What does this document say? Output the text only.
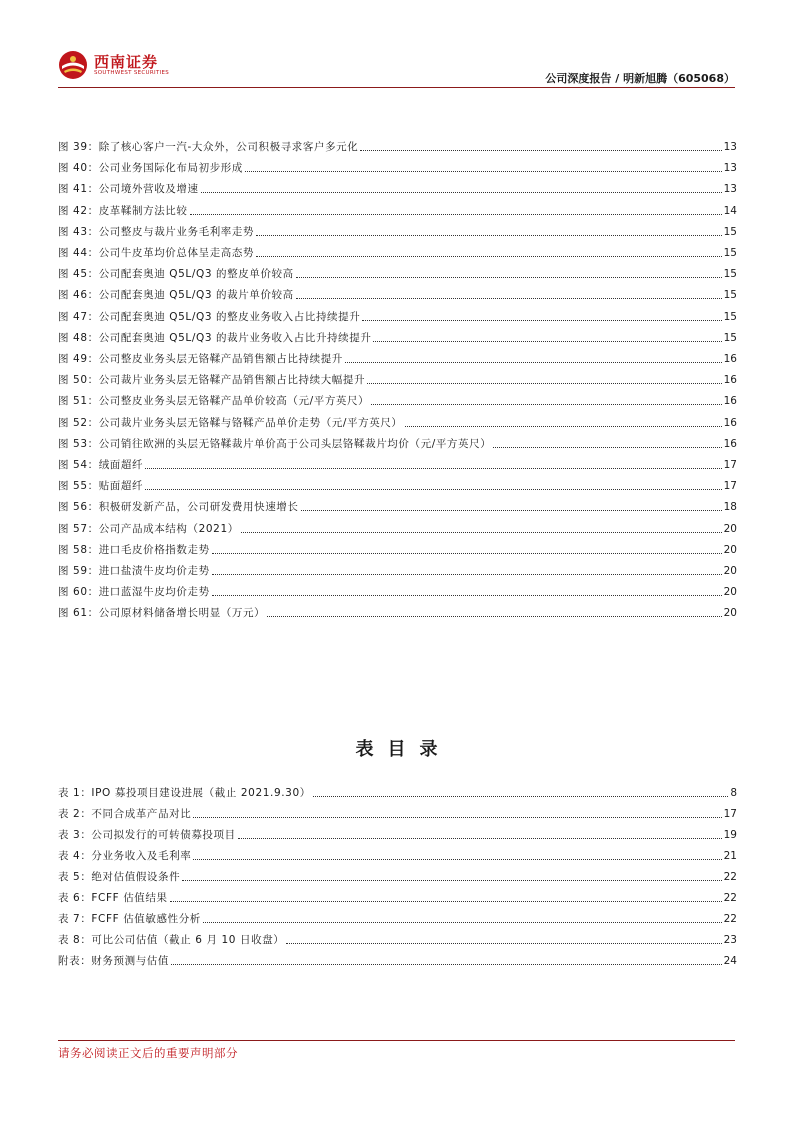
西南证券
SOUTHWEST SECURITIES	公司深度报告 / 明新旭腾（605068）
图 39：除了核心客户一汽-大众外，公司积极寻求客户多元化	13
图 40：公司业务国际化布局初步形成	13
图 41：公司境外营收及增速	13
图 42：皮革鞣制方法比较	14
图 43：公司整皮与裁片业务毛利率走势	15
图 44：公司牛皮革均价总体呈走高态势	15
图 45：公司配套奥迪 Q5L/Q3 的整皮单价较高	15
图 46：公司配套奥迪 Q5L/Q3 的裁片单价较高	15
图 47：公司配套奥迪 Q5L/Q3 的整皮业务收入占比持续提升	15
图 48：公司配套奥迪 Q5L/Q3 的裁片业务收入占比升持续提升	15
图 49：公司整皮业务头层无铬鞣产品销售额占比持续提升	16
图 50：公司裁片业务头层无铬鞣产品销售额占比持续大幅提升	16
图 51：公司整皮业务头层无铬鞣产品单价较高（元/平方英尺）	16
图 52：公司裁片业务头层无铬鞣与铬鞣产品单价走势（元/平方英尺）	16
图 53：公司销往欧洲的头层无铬鞣裁片单价高于公司头层铬鞣裁片均价（元/平方英尺）	16
图 54：绒面超纤	17
图 55：贴面超纤	17
图 56：积极研发新产品，公司研发费用快速增长	18
图 57：公司产品成本结构（2021）	20
图 58：进口毛皮价格指数走势	20
图 59：进口盐渍牛皮均价走势	20
图 60：进口蓝湿牛皮均价走势	20
图 61：公司原材料储备增长明显（万元）	20
表目录
表 1：IPO 募投项目建设进展（截止 2021.9.30）	8
表 2：不同合成革产品对比	17
表 3：公司拟发行的可转债募投项目	19
表 4：分业务收入及毛利率	21
表 5：绝对估值假设条件	22
表 6：FCFF 估值结果	22
表 7：FCFF 估值敏感性分析	22
表 8：可比公司估值（截止 6 月 10 日收盘）	23
附表：财务预测与估值	24
请务必阅读正文后的重要声明部分
